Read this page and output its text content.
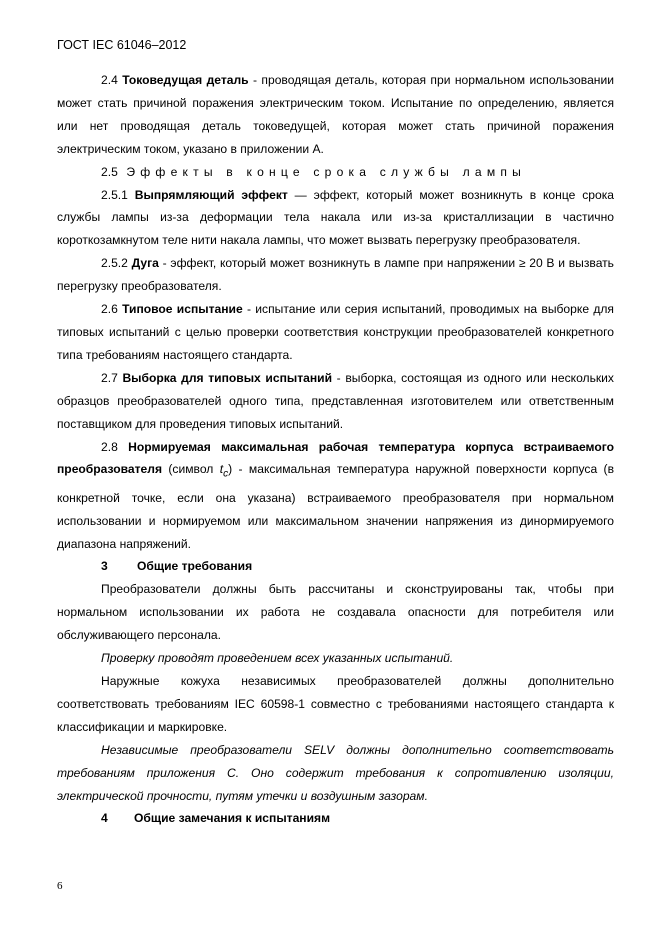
ГОСТ IEC 61046–2012

2.4 Токоведущая деталь - проводящая деталь, которая при нормальном использовании может стать причиной поражения электрическим током. Испытание по определению, является или нет проводящая деталь токоведущей, которая может стать причиной поражения электрическим током, указано в приложении А.

2.5 Эффекты в конце срока службы лампы

2.5.1 Выпрямляющий эффект — эффект, который может возникнуть в конце срока службы лампы из-за деформации тела накала или из-за кристаллизации в частично короткозамкнутом теле нити накала лампы, что может вызвать перегрузку преобразователя.

2.5.2 Дуга - эффект, который может возникнуть в лампе при напряжении ≥ 20 В и вызвать перегрузку преобразователя.

2.6 Типовое испытание - испытание или серия испытаний, проводимых на выборке для типовых испытаний с целью проверки соответствия конструкции преобразователей конкретного типа требованиям настоящего стандарта.

2.7 Выборка для типовых испытаний - выборка, состоящая из одного или нескольких образцов преобразователей одного типа, представленная изготовителем или ответственным поставщиком для проведения типовых испытаний.

2.8 Нормируемая максимальная рабочая температура корпуса встраиваемого преобразователя (символ $t_c$) - максимальная температура наружной поверхности корпуса (в конкретной точке, если она указана) встраиваемого преобразователя при нормальном использовании и нормируемом или максимальном значении напряжения из динормируемого диапазона напряжений.

3 Общие требования

Преобразователи должны быть рассчитаны и сконструированы так, чтобы при нормальном использовании их работа не создавала опасности для потребителя или обслуживающего персонала.

Проверку проводят проведением всех указанных испытаний.

Наружные кожуха независимых преобразователей должны дополнительно соответствовать требованиям IEC 60598-1 совместно с требованиями настоящего стандарта к классификации и маркировке.

Независимые преобразователи SELV должны дополнительно соответствовать требованиям приложения С. Оно содержит требования к сопротивлению изоляции, электрической прочности, путям утечки и воздушным зазорам.

4 Общие замечания к испытаниям

6
